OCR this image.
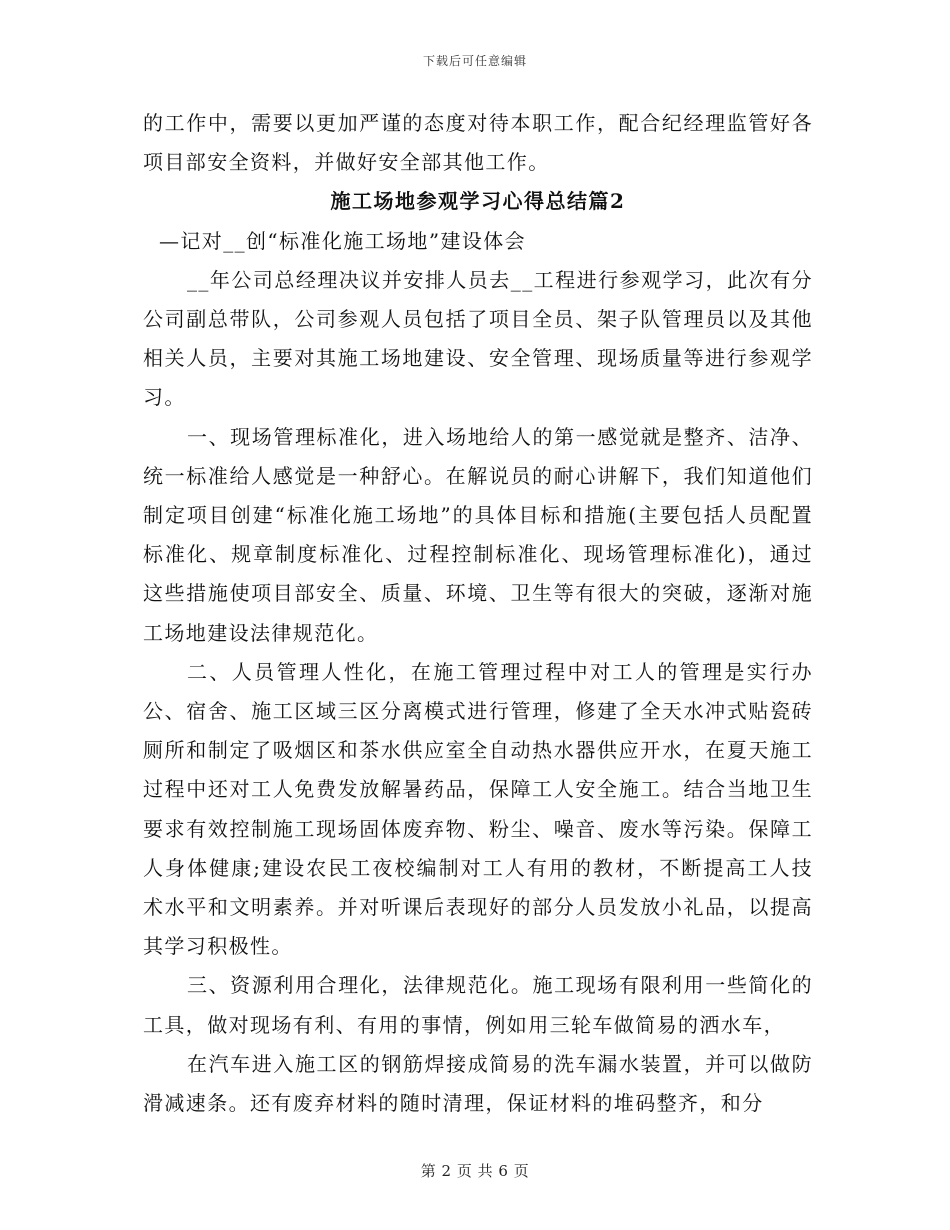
下载后可任意编辑

的工作中，需要以更加严谨的态度对待本职工作，配合纪经理监管好各项目部安全资料，并做好安全部其他工作。

施工场地参观学习心得总结篇2

—记对__创“标准化施工场地”建设体会

__年公司总经理决议并安排人员去__工程进行参观学习，此次有分公司副总带队，公司参观人员包括了项目全员、架子队管理员以及其他相关人员，主要对其施工场地建设、安全管理、现场质量等进行参观学习。

一、现场管理标准化，进入场地给人的第一感觉就是整齐、洁净、统一标准给人感觉是一种舒心。在解说员的耐心讲解下，我们知道他们制定项目创建“标准化施工场地”的具体目标和措施(主要包括人员配置标准化、规章制度标准化、过程控制标准化、现场管理标准化)，通过这些措施使项目部安全、质量、环境、卫生等有很大的突破，逐渐对施工场地建设法律规范化。

二、人员管理人性化，在施工管理过程中对工人的管理是实行办公、宿舍、施工区域三区分离模式进行管理，修建了全天水冲式贴瓷砖厕所和制定了吸烟区和茶水供应室全自动热水器供应开水，在夏天施工过程中还对工人免费发放解暑药品，保障工人安全施工。结合当地卫生要求有效控制施工现场固体废弃物、粉尘、噪音、废水等污染。保障工人身体健康;建设农民工夜校编制对工人有用的教材，不断提高工人技术水平和文明素养。并对听课后表现好的部分人员发放小礼品，以提高其学习积极性。

三、资源利用合理化，法律规范化。施工现场有限利用一些简化的工具，做对现场有利、有用的事情，例如用三轮车做简易的洒水车，

在汽车进入施工区的钢筋焊接成简易的洗车漏水装置，并可以做防滑减速条。还有废弃材料的随时清理，保证材料的堆码整齐，和分

第 2 页 共 6 页
